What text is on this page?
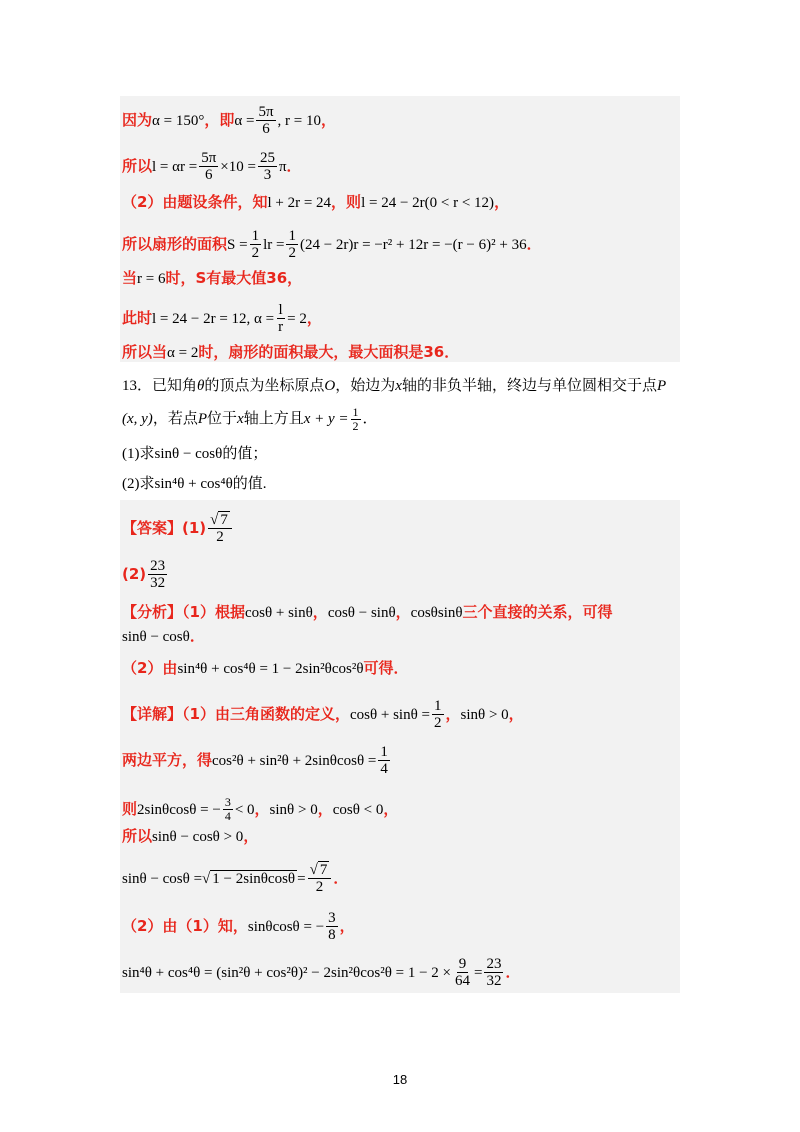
因为α = 150°，即$\alpha = \frac{5\pi}{6}$ , r = 10，
所以$l = \alpha r = \frac{5\pi}{6} \times 10 = \frac{25}{3}$ π．
（2）由题设条件，知l + 2r = 24，则l = 24 − 2r(0 < r < 12)，
所以扇形的面积$S = \frac{1}{2}$ lr = $\frac{1}{2} (24 - 2r)r = -r^2 + 12r = -(r - 6)^2 + 36$．
当r = 6时，S有最大值36，
此时l = 24 − 2r = 12, $\alpha = \frac{l}{r} = 2$，
所以当α = 2时，扇形的面积最大，最大面积是36．
13．已知角θ的顶点为坐标原点O，始边为x轴的非负半轴，终边与单位圆相交于点P
(x, y)，若点P位于x轴上方且$x + y = \frac{1}{2}$ ．
(1)求sinθ − cosθ的值；
(2)求sin⁴θ + cos⁴θ的值.
【答案】$(1) \frac{√ 7}{2}$
$(2) \frac{23}{32}$
【分析】（1）根据cosθ + sinθ，cosθ − sinθ，cosθsinθ三个直接的关系，可得
sinθ − cosθ．
（2）由sin⁴θ + cos⁴θ = 1 − 2sin²θcos²θ可得．
【详解】（1）由三角函数的定义，$\cos\theta + \sin\theta = \frac{1}{2}$ ，sinθ > 0，
两边平方，得$\cos^2\theta + \sin^2\theta + 2\sin\theta\cos\theta = \frac{1}{4}$
则2sinθcosθ = − $\frac{3}{4} < 0$，sinθ > 0，cosθ < 0，
所以sinθ − cosθ > 0，
sinθ − cosθ =√ $1 - 2\sin\theta\cos\theta = \frac{√ 7}{2}$ ．
（2）由（1）知，sinθcosθ = − $\frac{3}{8}$ ，
$\sin^4\theta + \cos^4\theta = (\sin^2\theta + \cos^2\theta)^2 - 2\sin^2\theta\cos^2\theta = 1 - 2 \times \frac{9}{64} = \frac{23}{32}$ ．
18
